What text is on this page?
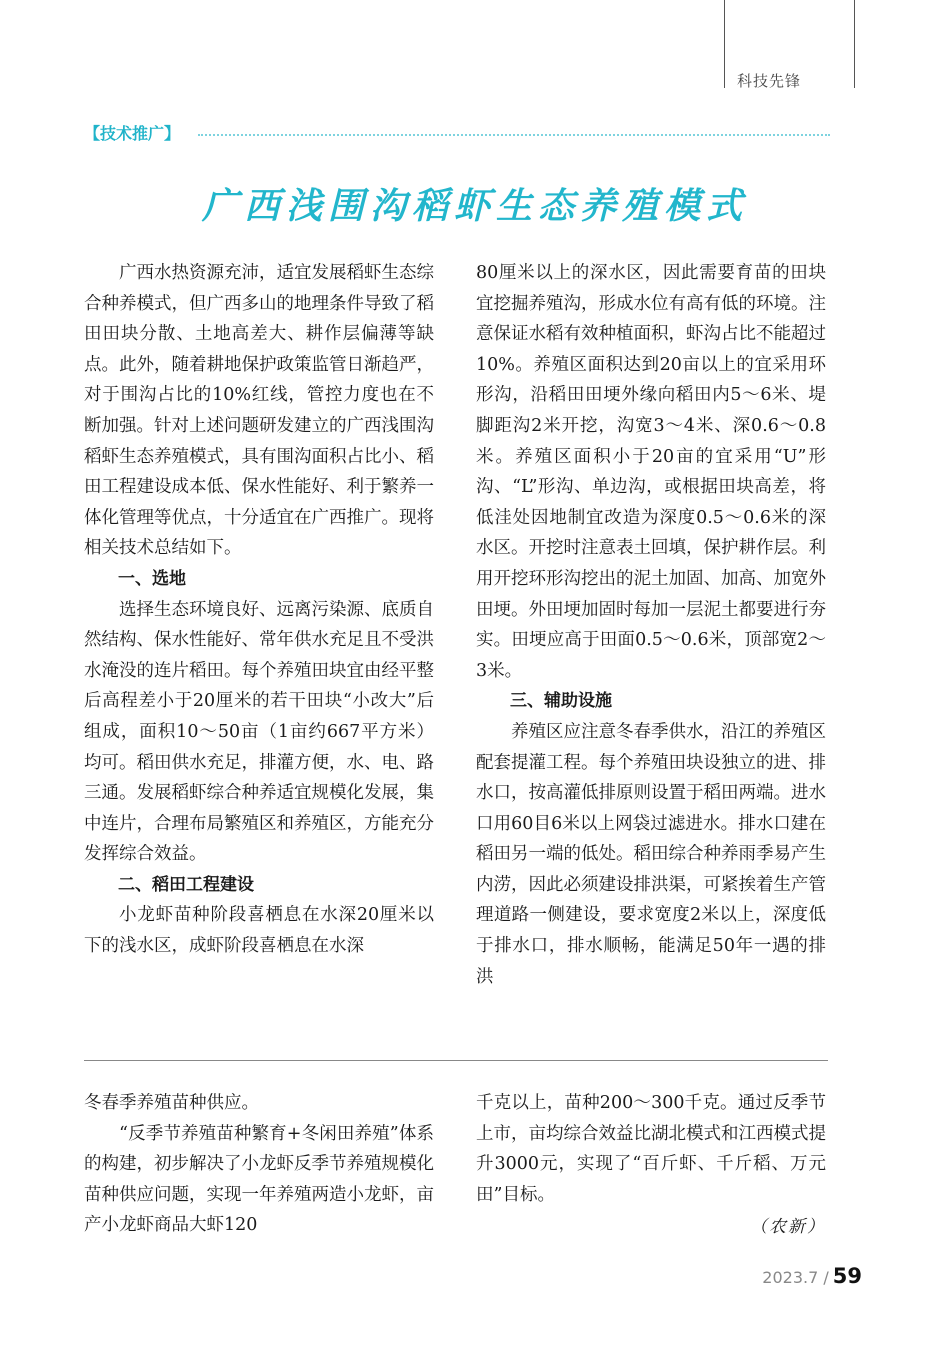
科技先锋
【技术推广】
广西浅围沟稻虾生态养殖模式

广西水热资源充沛，适宜发展稻虾生态综合种养模式，但广西多山的地理条件导致了稻田田块分散、土地高差大、耕作层偏薄等缺点。此外，随着耕地保护政策监管日渐趋严，对于围沟占比的10%红线，管控力度也在不断加强。针对上述问题研发建立的广西浅围沟稻虾生态养殖模式，具有围沟面积占比小、稻田工程建设成本低、保水性能好、利于繁养一体化管理等优点，十分适宜在广西推广。现将相关技术总结如下。

一、选地

选择生态环境良好、远离污染源、底质自然结构、保水性能好、常年供水充足且不受洪水淹没的连片稻田。每个养殖田块宜由经平整后高程差小于20厘米的若干田块“小改大”后组成，面积10～50亩（1亩约667平方米）均可。稻田供水充足，排灌方便，水、电、路三通。发展稻虾综合种养适宜规模化发展，集中连片，合理布局繁殖区和养殖区，方能充分发挥综合效益。

二、稻田工程建设

小龙虾苗种阶段喜栖息在水深20厘米以下的浅水区，成虾阶段喜栖息在水深

80厘米以上的深水区，因此需要育苗的田块宜挖掘养殖沟，形成水位有高有低的环境。注意保证水稻有效种植面积，虾沟占比不能超过10%。养殖区面积达到20亩以上的宜采用环形沟，沿稻田田埂外缘向稻田内5～6米、堤脚距沟2米开挖，沟宽3～4米、深0.6～0.8米。养殖区面积小于20亩的宜采用“U”形沟、“L”形沟、单边沟，或根据田块高差，将低洼处因地制宜改造为深度0.5～0.6米的深水区。开挖时注意表土回填，保护耕作层。利用开挖环形沟挖出的泥土加固、加高、加宽外田埂。外田埂加固时每加一层泥土都要进行夯实。田埂应高于田面0.5～0.6米，顶部宽2～3米。

三、辅助设施

养殖区应注意冬春季供水，沿江的养殖区配套提灌工程。每个养殖田块设独立的进、排水口，按高灌低排原则设置于稻田两端。进水口用60目6米以上网袋过滤进水。排水口建在稻田另一端的低处。稻田综合种养雨季易产生内涝，因此必须建设排洪渠，可紧挨着生产管理道路一侧建设，要求宽度2米以上，深度低于排水口，排水顺畅，能满足50年一遇的排洪

冬春季养殖苗种供应。

“反季节养殖苗种繁育+冬闲田养殖”体系的构建，初步解决了小龙虾反季节养殖规模化苗种供应问题，实现一年养殖两造小龙虾，亩产小龙虾商品大虾120

千克以上，苗种200～300千克。通过反季节上市，亩均综合效益比湖北模式和江西模式提升3000元，实现了“百斤虾、千斤稻、万元田”目标。

（农新）
2023.7 / 59
